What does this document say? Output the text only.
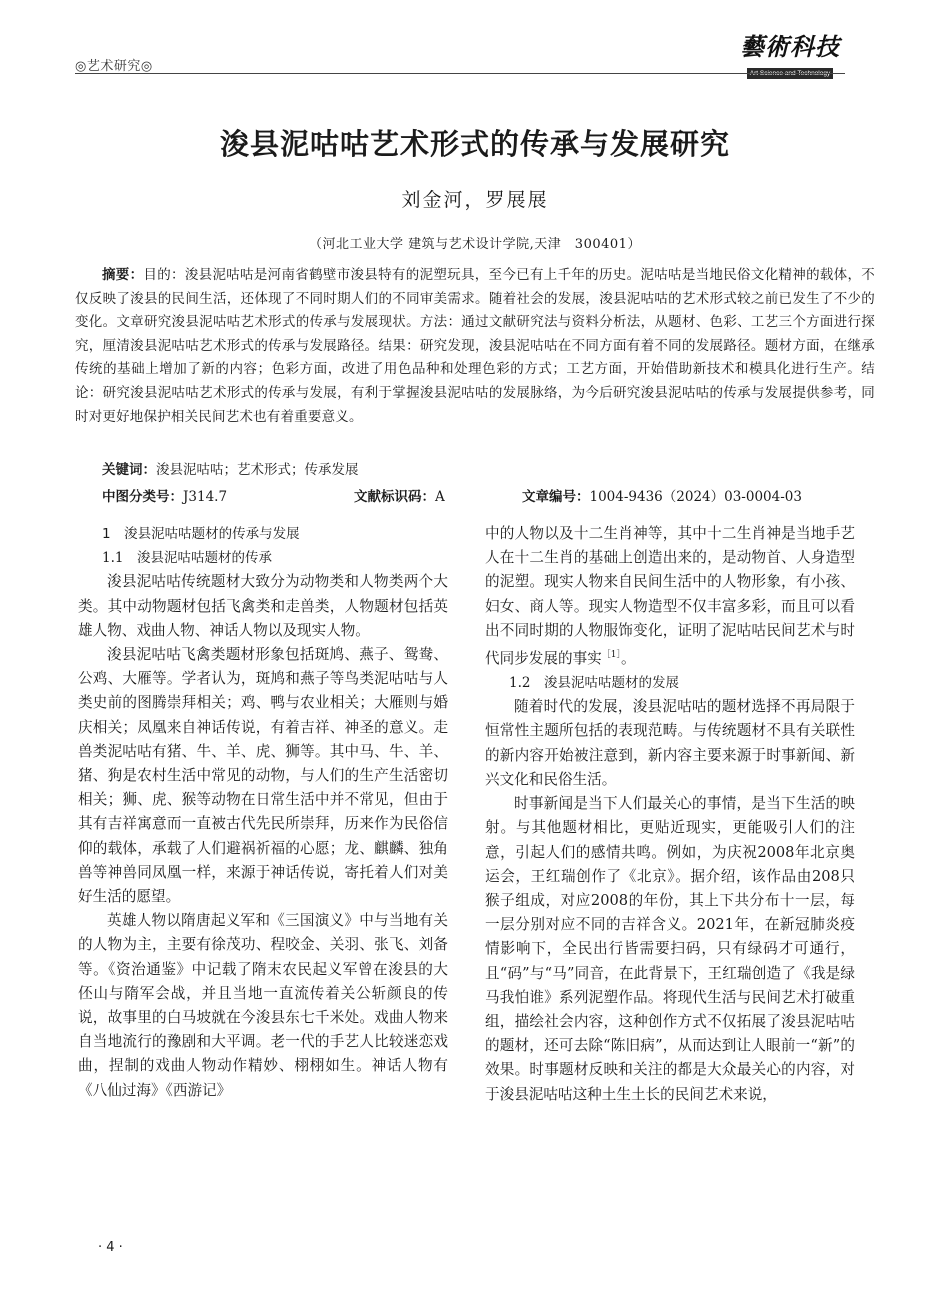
◎艺术研究◎
藝術科技
Art Science and Technology
浚县泥咕咕艺术形式的传承与发展研究
刘金河，罗展展
（河北工业大学 建筑与艺术设计学院,天津　300401）
摘要：目的：浚县泥咕咕是河南省鹤壁市浚县特有的泥塑玩具，至今已有上千年的历史。泥咕咕是当地民俗文化精神的载体，不仅反映了浚县的民间生活，还体现了不同时期人们的不同审美需求。随着社会的发展，浚县泥咕咕的艺术形式较之前已发生了不少的变化。文章研究浚县泥咕咕艺术形式的传承与发展现状。方法：通过文献研究法与资料分析法，从题材、色彩、工艺三个方面进行探究，厘清浚县泥咕咕艺术形式的传承与发展路径。结果：研究发现，浚县泥咕咕在不同方面有着不同的发展路径。题材方面，在继承传统的基础上增加了新的内容；色彩方面，改进了用色品种和处理色彩的方式；工艺方面，开始借助新技术和模具化进行生产。结论：研究浚县泥咕咕艺术形式的传承与发展，有利于掌握浚县泥咕咕的发展脉络，为今后研究浚县泥咕咕的传承与发展提供参考，同时对更好地保护相关民间艺术也有着重要意义。
关键词：浚县泥咕咕；艺术形式；传承发展
中图分类号：J314.7	文献标识码：A	文章编号：1004-9436（2024）03-0004-03
1　浚县泥咕咕题材的传承与发展
1.1　浚县泥咕咕题材的传承

浚县泥咕咕传统题材大致分为动物类和人物类两个大类。其中动物题材包括飞禽类和走兽类，人物题材包括英雄人物、戏曲人物、神话人物以及现实人物。

浚县泥咕咕飞禽类题材形象包括斑鸠、燕子、鸳鸯、公鸡、大雁等。学者认为，斑鸠和燕子等鸟类泥咕咕与人类史前的图腾崇拜相关；鸡、鸭与农业相关；大雁则与婚庆相关；凤凰来自神话传说，有着吉祥、神圣的意义。走兽类泥咕咕有猪、牛、羊、虎、狮等。其中马、牛、羊、猪、狗是农村生活中常见的动物，与人们的生产生活密切相关；狮、虎、猴等动物在日常生活中并不常见，但由于其有吉祥寓意而一直被古代先民所崇拜，历来作为民俗信仰的载体，承载了人们避祸祈福的心愿；龙、麒麟、独角兽等神兽同凤凰一样，来源于神话传说，寄托着人们对美好生活的愿望。

英雄人物以隋唐起义军和《三国演义》中与当地有关的人物为主，主要有徐茂功、程咬金、关羽、张飞、刘备等。《资治通鉴》中记载了隋末农民起义军曾在浚县的大伾山与隋军会战，并且当地一直流传着关公斩颜良的传说，故事里的白马坡就在今浚县东七千米处。戏曲人物来自当地流行的豫剧和大平调。老一代的手艺人比较迷恋戏曲，捏制的戏曲人物动作精妙、栩栩如生。神话人物有《八仙过海》《西游记》

中的人物以及十二生肖神等，其中十二生肖神是当地手艺人在十二生肖的基础上创造出来的，是动物首、人身造型的泥塑。现实人物来自民间生活中的人物形象，有小孩、妇女、商人等。现实人物造型不仅丰富多彩，而且可以看出不同时期的人物服饰变化，证明了泥咕咕民间艺术与时代同步发展的事实$^{[1]}$。

1.2　浚县泥咕咕题材的发展

随着时代的发展，浚县泥咕咕的题材选择不再局限于恒常性主题所包括的表现范畴。与传统题材不具有关联性的新内容开始被注意到，新内容主要来源于时事新闻、新兴文化和民俗生活。

时事新闻是当下人们最关心的事情，是当下生活的映射。与其他题材相比，更贴近现实，更能吸引人们的注意，引起人们的感情共鸣。例如，为庆祝2008年北京奥运会，王红瑞创作了《北京》。据介绍，该作品由208只猴子组成，对应2008的年份，其上下共分布十一层，每一层分别对应不同的吉祥含义。2021年，在新冠肺炎疫情影响下，全民出行皆需要扫码，只有绿码才可通行，且“码”与“马”同音，在此背景下，王红瑞创造了《我是绿马我怕谁》系列泥塑作品。将现代生活与民间艺术打破重组，描绘社会内容，这种创作方式不仅拓展了浚县泥咕咕的题材，还可去除“陈旧病”，从而达到让人眼前一“新”的效果。时事题材反映和关注的都是大众最关心的内容，对于浚县泥咕咕这种土生土长的民间艺术来说，

· 4 ·
